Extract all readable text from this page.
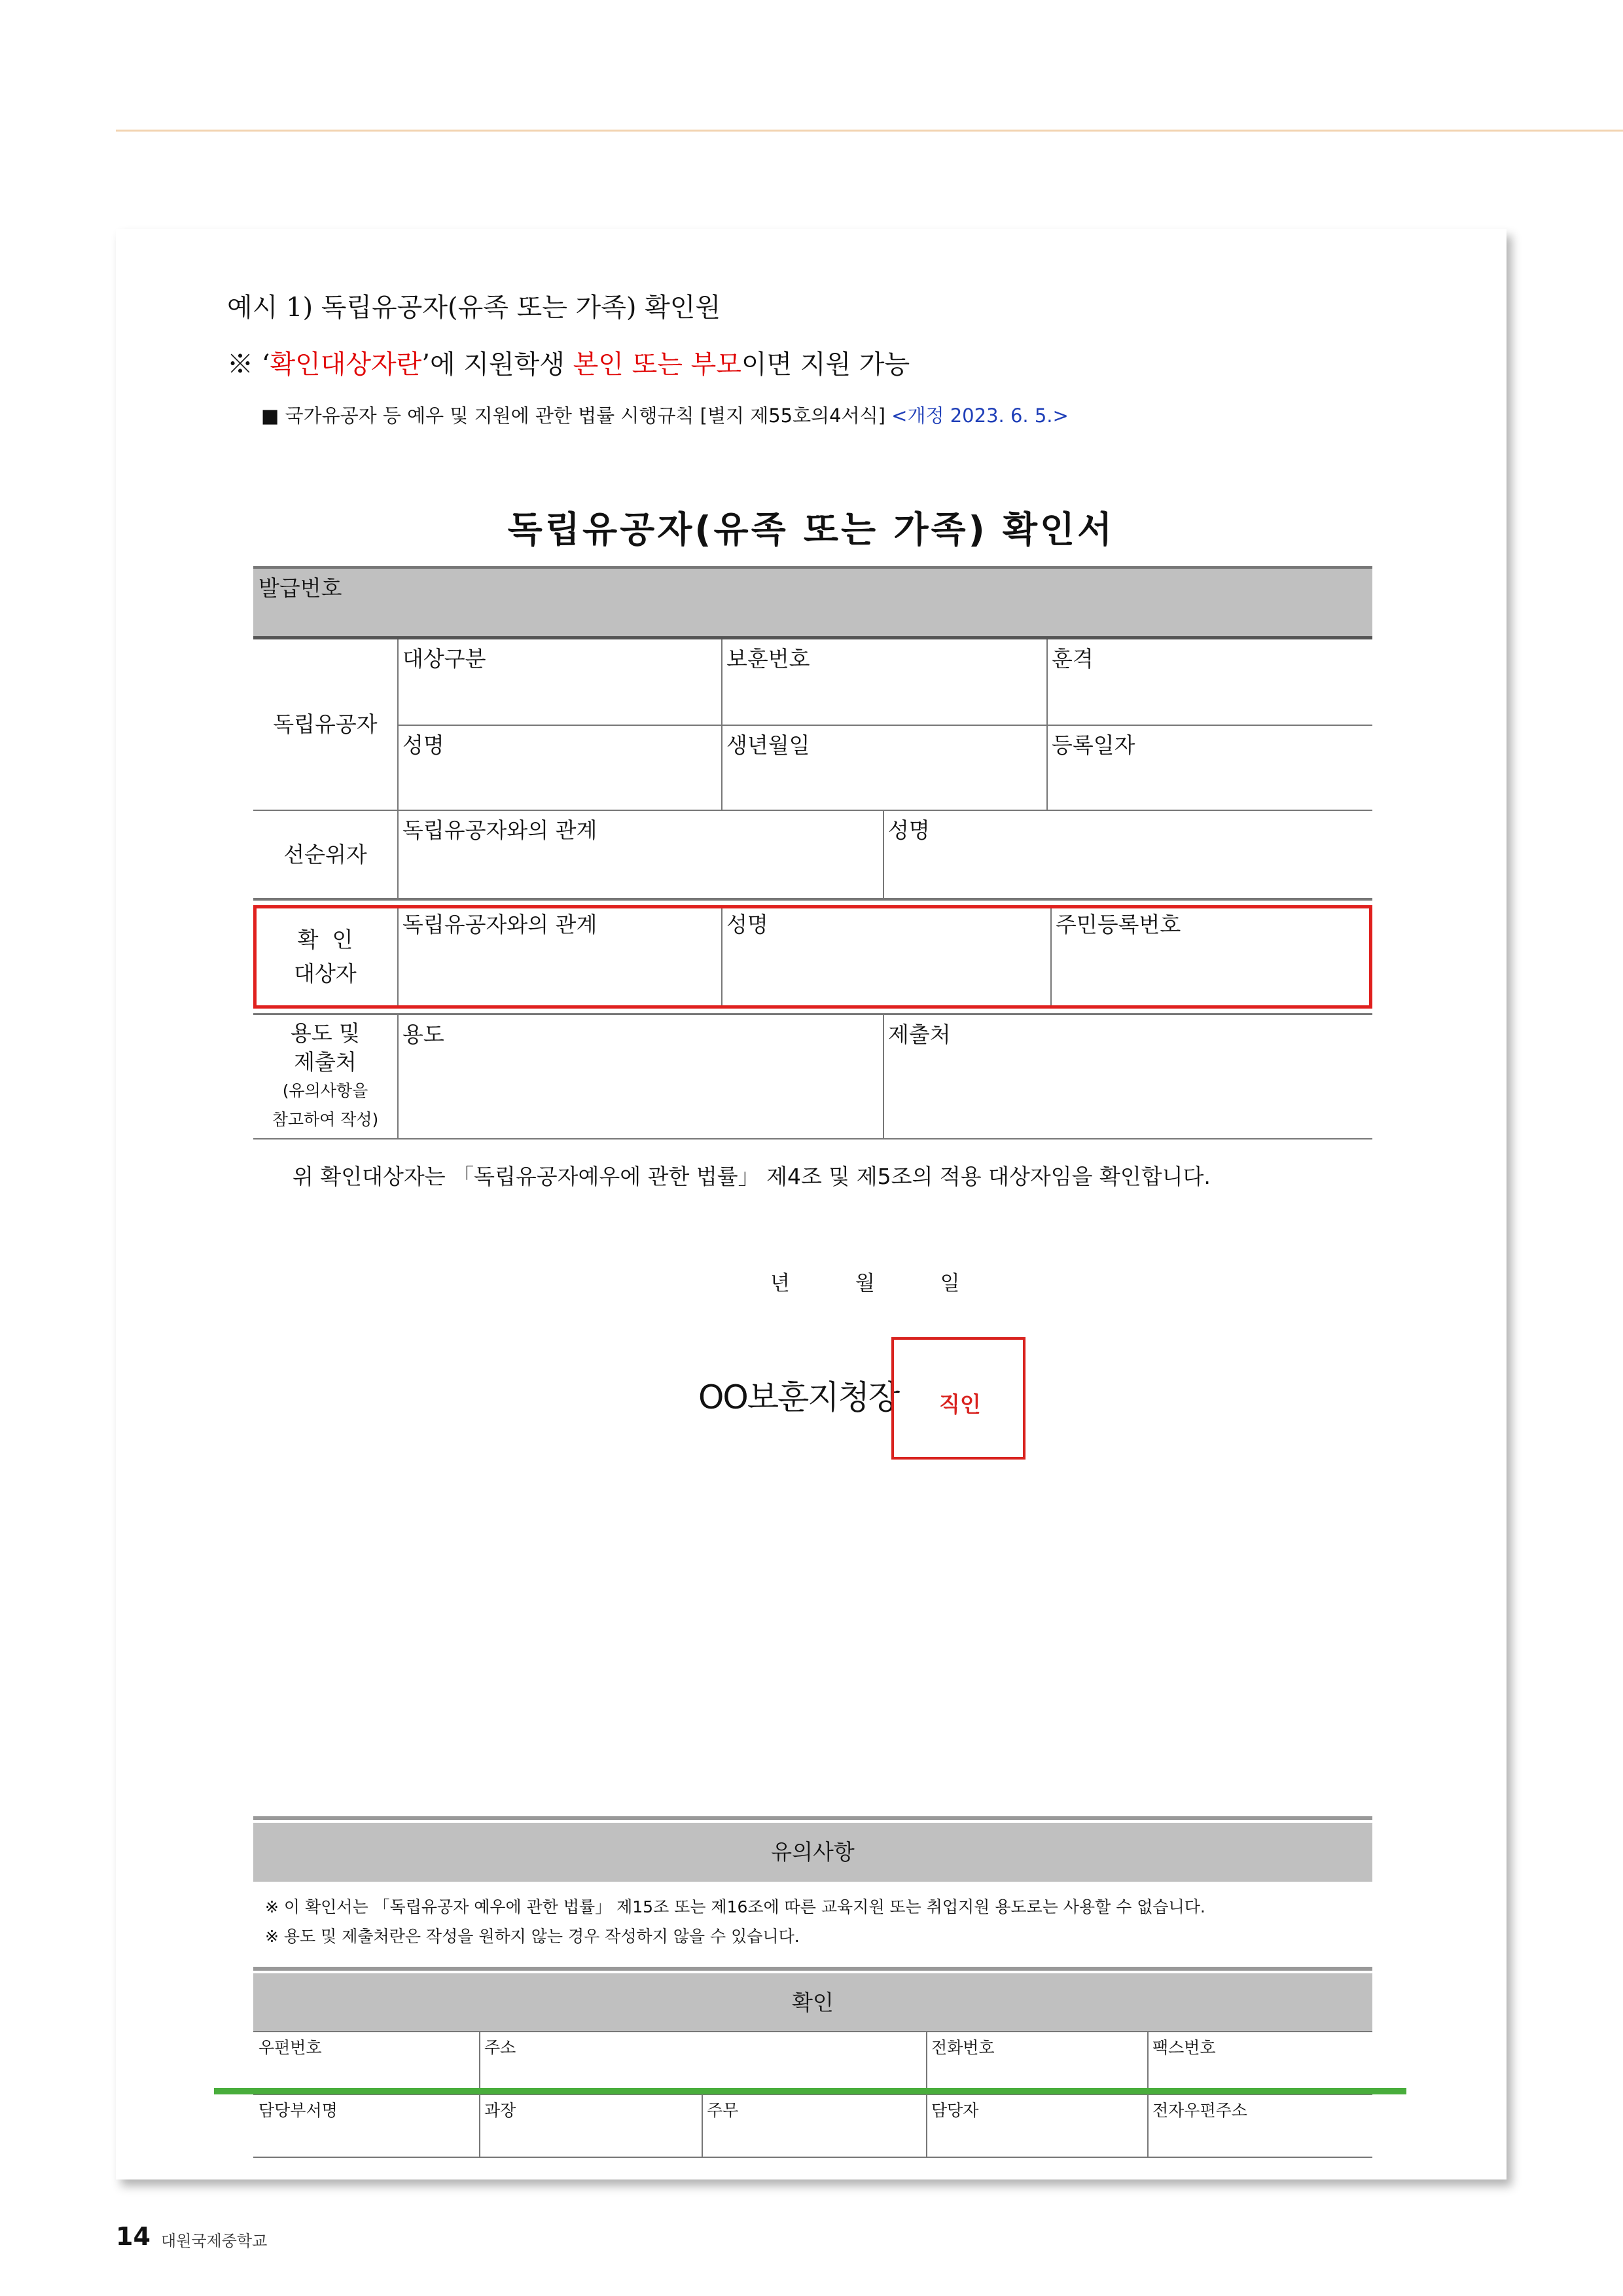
예시 1) 독립유공자(유족 또는 가족) 확인원
※ ‘확인대상자란’에 지원학생 본인 또는 부모이면 지원 가능
■ 국가유공자 등 예우 및 지원에 관한 법률 시행규칙 [별지 제55호의4서식] <개정 2023. 6. 5.>
독립유공자(유족 또는 가족) 확인서
발급번호
독립유공자
대상구분	보훈번호	훈격
성명	생년월일	등록일자
선순위자
독립유공자와의 관계	성명
확  인
대상자
독립유공자와의 관계	성명	주민등록번호
용도 및
제출처
(유의사항을
참고하여 작성)
용도	제출처
유의사항
※ 이 확인서는 「독립유공자 예우에 관한 법률」 제15조 또는 제16조에 따른 교육지원 또는 취업지원 용도로는 사용할 수 없습니다.
※ 용도 및 제출처란은 작성을 원하지 않는 경우 작성하지 않을 수 있습니다.
확인
우편번호	주소	전화번호	팩스번호
담당부서명	과장	주무	담당자	전자우편주소
위 확인대상자는 「독립유공자예우에 관한 법률」 제4조 및 제5조의 적용 대상자임을 확인합니다.
년	월	일
OO보훈지청장 직인
14 대원국제중학교
